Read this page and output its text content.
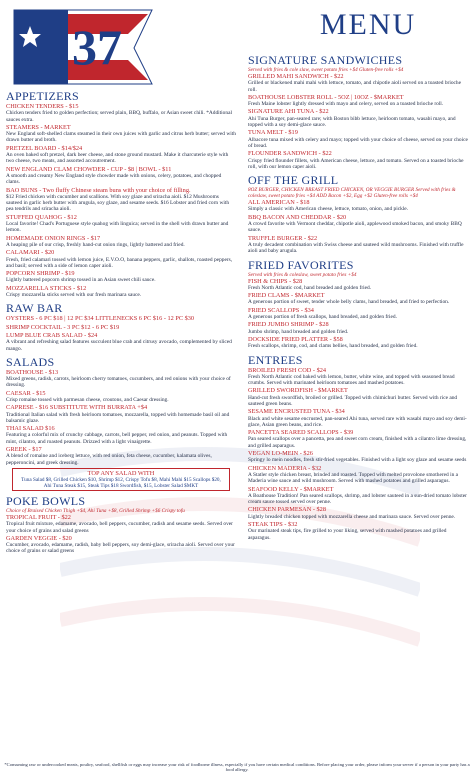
37	MENU
APPETIZERS
CHICKEN TENDERS - $15
Chicken tenders fried to golden perfection; served plain, BBQ, buffalo, or Asian sweet chili. *Additional sauces extra.
STEAMERS - MARKET
New England soft-shelled clams steamed in their own juices with garlic and citrus herb butter; served with drawn butter and broth.
PRETZEL BOARD - $14/$24
An oven baked soft pretzel, dark beer cheese, and stone ground mustard. Make it charcuterie style with two cheese, two meats, and assorted accoutrement.
NEW ENGLAND CLAM CHOWDER - CUP - $8 | BOWL - $11
A smooth and creamy New England style chowder made with onions, celery, potatoes, and chopped clams.
BAO BUNS - Two fluffy Chinese steam buns with your choice of filling.
$12 Fried chicken with cucumber and scallions. With soy glaze and sriracha aioli. $12 Mushrooms sauteed in garlic herb butter with arugula, soy glaze, and sesame seeds. $16 Lobster and fried corn with pea tendrils and sriracha aioli.
STUFFED QUAHOG - $12
Local favorite! Chad's Portuguese style quahog with linguica; served in the shell with drawn butter and lemon.
HOMEMADE ONION RINGS - $17
A heaping pile of our crisp, freshly hand-cut onion rings, lightly battered and fried.
CALAMARI - $20
Fresh, fried calamari tossed with lemon juice, E.V.O.O, banana peppers, garlic, shallots, roasted peppers, and basil; served with a side of lemon caper aioli.
POPCORN SHRIMP - $19
Lightly battered popcorn shrimp tossed in an Asian sweet chili sauce.
MOZZARELLA STICKS - $12
Crispy mozzarella sticks served with our fresh marinara sauce.
RAW BAR
OYSTERS - 6 PC $18 | 12 PC $34 LITTLENECKS 6 PC $16 - 12 PC $30
SHRIMP COCKTAIL - 3 PC $12 - 6 PC $19
LUMP BLUE CRAB SALAD - $24
A vibrant and refreshing salad features succulent blue crab and citrusy avocado, complemented by sliced mango.
SALADS
BOATHOUSE - $13
Mixed greens, radish, carrots, heirloom cherry tomatoes, cucumbers, and red onions with your choice of dressing.
CAESAR - $15
Crisp romaine tossed with parmesan cheese, croutons, and Caesar dressing.
CAPRESE - $16 SUBSTITUTE WITH BURRATA +$4
Traditional Italian salad with fresh heirloom tomatoes, mozzarella, topped with homemade basil oil and balsamic glaze.
THAI SALAD $16
Featuring a colorful mix of crunchy cabbage, carrots, bell pepper, red onion, and peanuts. Topped with mint, cilantro, and roasted peanuts. Drizzed with a light vinaigrette.
GREEK - $17
A blend of romaine and iceberg lettuce, with red onion, feta cheese, cucumber, kalamata olives, pepperoncini, and greek dressing.
TOP ANY SALAD WITH
Tuna Salad $8, Grilled Chicken $10, Shrimp $12, Crispy Tofu $8, Mahi Mahi $15 Scallops $20, Ahi Tuna Steak $15, Steak Tips $18 Swordfish, $15, Lobster Salad $MKT
POKE BOWLS
Choice of Braised Chicken Thigh +$4, Ahi Tuna +$8, Grilled Shrimp +$6 Crispy tofu
TROPICAL FRUIT - $22
Tropical fruit mixture, edamame, avocado, bell peppers, cucumber, radish and sesame seeds. Served over your choice of grains and salad greens
GARDEN VEGGIE - $20
Cucumber, avocado, edamame, radish, baby bell peppers, soy demi-glace, sriracha aioli. Served over your choice of grains or salad greens
SIGNATURE SANDWICHES
Served with fries & cole slaw, sweet potato fries +$4 Gluten-free rolls +$4
GRILLED MAHI SANDWICH - $22
Grilled or blackened mahi mahi with lettuce, tomato, and chipotle aioli served on a toasted brioche roll.
BOATHOUSE LOBSTER ROLL - 5OZ | 10OZ - $MARKET
Fresh Maine lobster lightly dressed with mayo and celery, served on a toasted brioche roll.
SIGNATURE AHI TUNA - $22
Ahi Tuna Burger, pan-seared rare; with Boston bibb lettuce, heirloom tomato, wasabi mayo, and topped with a soy demi-glace sauce.
TUNA MELT - $19
Albacore tuna mixed with celery and mayo; topped with your choice of cheese, served on your choice of bread.
FLOUNDER SANDWICH - $22
Crispy fried flounder fillets, with American cheese, lettuce, and tomato. Served on a toasted brioche roll, with our lemon caper aioli.
OFF THE GRILL
8OZ BURGER, CHICKEN BREAST FRIED CHICKEN, OR VEGGIE BURGER Served with fries & coleslaw, sweet potato fries +$4 ADD Bacon +$2, Egg +$2 Gluten-free rolls +$4
ALL AMERICAN - $18
Simply a classic with American cheese, lettuce, tomato, onion, and pickle.
BBQ BACON AND CHEDDAR - $20
A crowd favorite with Vermont cheddar, chipotle aioli, applewood smoked bacon, and smoky BBQ sauce.
TRUFFLE BURGER - $22
A truly decadent combination with Swiss cheese and sauteed wild mushrooms. Finished with truffle aioli and baby arugula.
FRIED FAVORITES
Served with fries & coleslaw, sweet potato fries +$4
FISH & CHIPS - $28
Fresh North Atlantic cod, hand breaded and golden fried.
FRIED CLAMS - $MARKET
A generous portion of sweet, tender whole belly clams, hand breaded, and fried to perfection.
FRIED SCALLOPS - $34
A generous portion of fresh scallops, hand breaded, and golden fried.
FRIED JUMBO SHRIMP - $28
Jumbo shrimp, hand breaded and golden fried.
DOCKSIDE FRIED PLATTER - $58
Fresh scallops, shrimp, cod, and clams bellies, hand breaded, and golden fried.
ENTREES
BROILED FRESH COD - $24
Fresh North Atlantic cod baked with lemon, butter, white wine, and topped with seasoned bread crumbs. Served with marinated heirloom tomatoes and mashed potatoes.
GRILLED SWORDFISH - $MARKET
Hand-cut fresh swordfish, broiled or grilled. Topped with chimichuri butter. Served with rice and sauteed green beans.
SESAME ENCRUSTED TUNA - $34
Black and white sesame encrusted, pan-seared Ahi tuna, served rare with wasabi mayo and soy demi-glace, Asian green beans, and rice.
PANCETTA SEARED SCALLOPS - $39
Pan seared scallops over a pancetta, pea and sweet corn cream, finished with a cilantro lime dressing, and grilled asparagus.
VEGAN LO-MEIN - $26
Springy lo mein noodles, fresh stir-fried vegetables. Finished with a light soy glaze and sesame seeds
CHICKEN MADERIA - $32
A Statler style chicken breast, brinded and roasted. Topped with melted provolone smothered in a Maderia wine sauce and wild mushroom. Served with mashed potatoes and grilled asparagus.
SEAFOOD KELLY - $MARKET
A Boathouse Tradition! Pan seared scallops, shrimp, and lobster sauteed in a sun-dried tomato lobster cream sauce tossed served over penne.
CHICKEN PARMESAN - $28
Lightly breaded chicken topped with mozzarella cheese and marinara sauce. Served over penne.
STEAK TIPS - $32
Our marinated steak tips, fire grilled to your liking, served with mashed potatoes and grilled asparagus.
*Consuming raw or undercooked meats, poultry, seafood, shellfish or eggs may increase your risk of foodborne illness, especially if you have certain medical conditions. Before placing your order, please inform your server if a person in your party has a food allergy.
